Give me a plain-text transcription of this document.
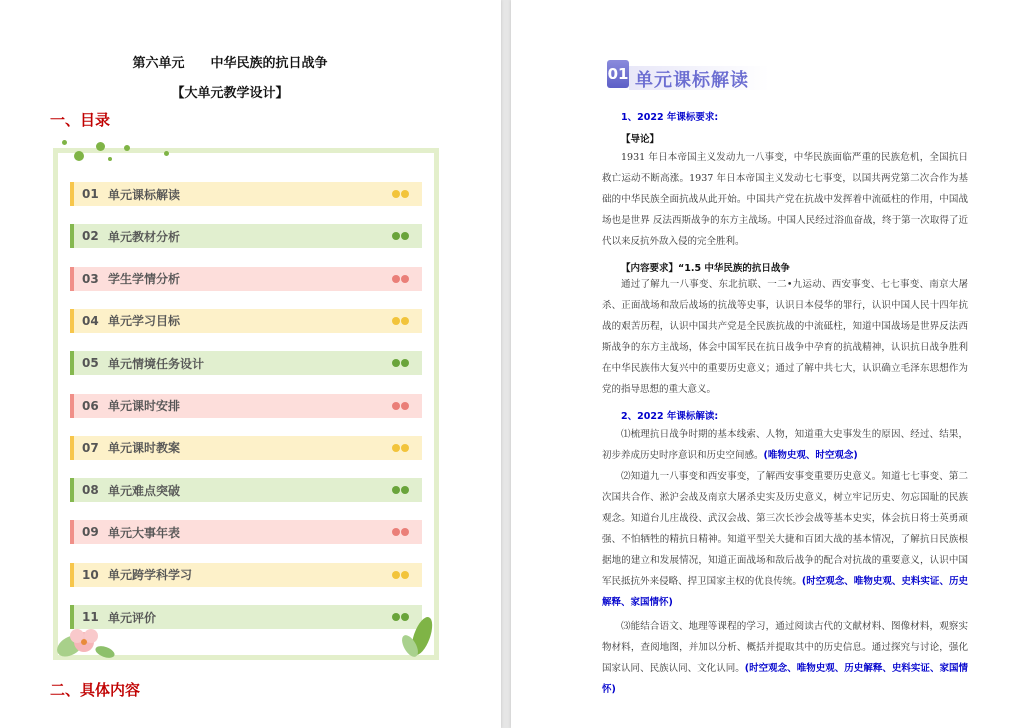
第六单元　　中华民族的抗日战争
【大单元教学设计】
一、目录
01 单元课标解读
02 单元教材分析
03 学生学情分析
04 单元学习目标
05 单元情境任务设计
06 单元课时安排
07 单元课时教案
08 单元难点突破
09 单元大事年表
10 单元跨学科学习
11 单元评价
二、具体内容
01 单元课标解读
1、2022 年课标要求:
【导论】

1931 年日本帝国主义发动九一八事变，中华民族面临严重的民族危机，全国抗日救亡运动不断高涨。1937 年日本帝国主义发动七七事变，以国共两党第二次合作为基础的中华民族全面抗战从此开始。中国共产党在抗战中发挥着中流砥柱的作用，中国战场也是世界 反法西斯战争的东方主战场。中国人民经过浴血奋战，终于第一次取得了近代以来反抗外敌入侵的完全胜利。

【内容要求】“1.5 中华民族的抗日战争

通过了解九一八事变、东北抗联、一二•九运动、西安事变、七七事变、南京大屠杀、正面战场和敌后战场的抗战等史事，认识日本侵华的罪行，认识中国人民十四年抗战的艰苦历程，认识中国共产党是全民族抗战的中流砥柱，知道中国战场是世界反法西斯战争的东方主战场，体会中国军民在抗日战争中孕育的抗战精神，认识抗日战争胜利在中华民族伟大复兴中的重要历史意义；通过了解中共七大，认识确立毛泽东思想作为党的指导思想的重大意义。

2、2022 年课标解读:

⑴梳理抗日战争时期的基本线索、人物，知道重大史事发生的原因、经过、结果，初步养成历史时序意识和历史空间感。(唯物史观、时空观念)

⑵知道九一八事变和西安事变，了解西安事变重要历史意义。知道七七事变、第二次国共合作、淞沪会战及南京大屠杀史实及历史意义，树立牢记历史、勿忘国耻的民族观念。知道台儿庄战役、武汉会战、第三次长沙会战等基本史实，体会抗日将士英勇顽强、不怕牺牲的精抗日精神。知道平型关大捷和百团大战的基本情况，了解抗日民族根据地的建立和发展情况，知道正面战场和敌后战争的配合对抗战的重要意义，认识中国军民抵抗外来侵略、捍卫国家主权的优良传统。(时空观念、唯物史观、史料实证、历史解释、家国情怀)

⑶能结合语文、地理等课程的学习，通过阅读古代的文献材料、图像材料，观察实物材料，查阅地图，并加以分析、概括并提取其中的历史信息。通过探究与讨论，强化国家认同、民族认同、文化认同。(时空观念、唯物史观、历史解释、史料实证、家国情怀)
